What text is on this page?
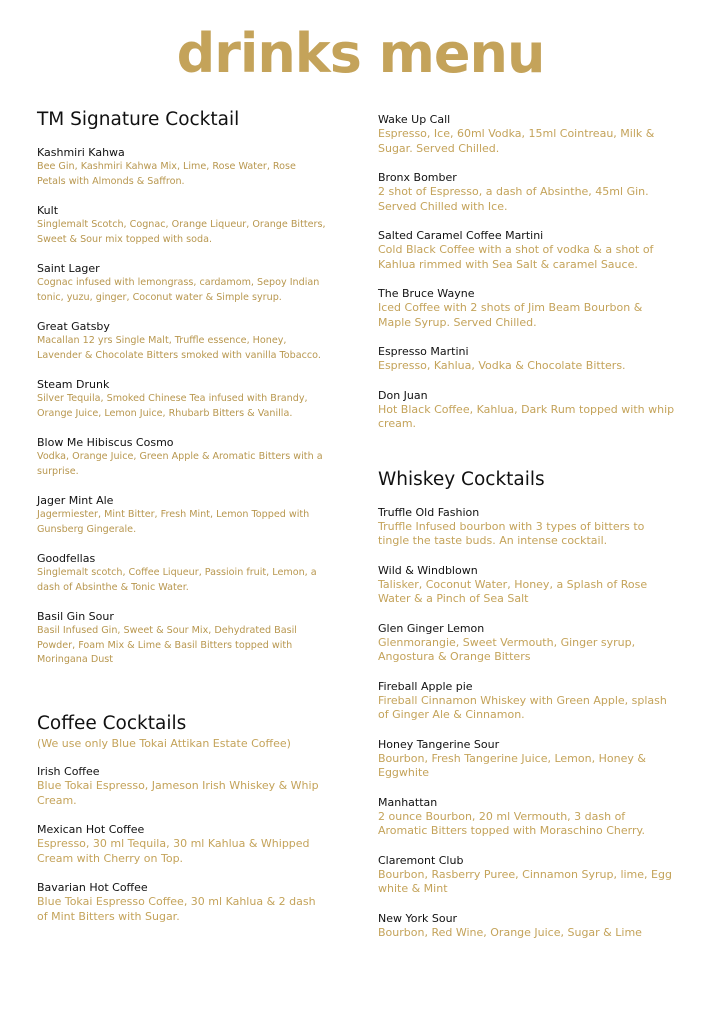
drinks menu
TM Signature Cocktail
Kashmiri Kahwa
Bee Gin, Kashmiri Kahwa Mix, Lime, Rose Water, Rose Petals with Almonds & Saffron.
Kult
Singlemalt Scotch, Cognac, Orange Liqueur, Orange Bitters, Sweet & Sour mix topped with soda.
Saint Lager
Cognac infused with lemongrass, cardamom, Sepoy Indian tonic, yuzu, ginger, Coconut water & Simple syrup.
Great Gatsby
Macallan 12 yrs Single Malt, Truffle essence, Honey, Lavender & Chocolate Bitters smoked with vanilla Tobacco.
Steam Drunk
Silver Tequila, Smoked Chinese Tea infused with Brandy, Orange Juice, Lemon Juice, Rhubarb Bitters & Vanilla.
Blow Me Hibiscus Cosmo
Vodka, Orange Juice, Green Apple & Aromatic Bitters with a surprise.
Jager Mint Ale
Jagermiester, Mint Bitter, Fresh Mint, Lemon Topped with Gunsberg Gingerale.
Goodfellas
Singlemalt scotch, Coffee Liqueur, Passioin fruit, Lemon, a dash of Absinthe & Tonic Water.
Basil Gin Sour
Basil Infused Gin, Sweet & Sour Mix, Dehydrated Basil Powder, Foam Mix & Lime & Basil Bitters topped with Moringana Dust
Coffee Cocktails
(We use only Blue Tokai Attikan Estate Coffee)
Irish Coffee
Blue Tokai Espresso, Jameson Irish Whiskey & Whip Cream.
Mexican Hot Coffee
Espresso, 30 ml Tequila, 30 ml Kahlua & Whipped Cream with Cherry on Top.
Bavarian Hot Coffee
Blue Tokai Espresso Coffee, 30 ml Kahlua & 2 dash of Mint Bitters with Sugar.
Wake Up Call
Espresso, Ice, 60ml Vodka, 15ml Cointreau, Milk & Sugar. Served Chilled.
Bronx Bomber
2 shot of Espresso, a dash of Absinthe, 45ml Gin. Served Chilled with Ice.
Salted Caramel Coffee Martini
Cold Black Coffee with a shot of vodka & a shot of Kahlua rimmed with Sea Salt & caramel Sauce.
The Bruce Wayne
Iced Coffee with 2 shots of Jim Beam Bourbon & Maple Syrup. Served Chilled.
Espresso Martini
Espresso, Kahlua, Vodka & Chocolate Bitters.
Don Juan
Hot Black Coffee, Kahlua, Dark Rum topped with whip cream.
Whiskey Cocktails
Truffle Old Fashion
Truffle Infused bourbon with 3 types of bitters to tingle the taste buds. An intense cocktail.
Wild & Windblown
Talisker, Coconut Water, Honey, a Splash of Rose Water & a Pinch of Sea Salt
Glen Ginger Lemon
Glenmorangie, Sweet Vermouth, Ginger syrup, Angostura & Orange Bitters
Fireball Apple pie
Fireball Cinnamon Whiskey with Green Apple, splash of Ginger Ale & Cinnamon.
Honey Tangerine Sour
Bourbon, Fresh Tangerine Juice, Lemon, Honey & Eggwhite
Manhattan
2 ounce Bourbon, 20 ml Vermouth, 3 dash of Aromatic Bitters topped with Moraschino Cherry.
Claremont Club
Bourbon, Rasberry Puree, Cinnamon Syrup, lime, Egg white & Mint
New York Sour
Bourbon, Red Wine, Orange Juice, Sugar & Lime
